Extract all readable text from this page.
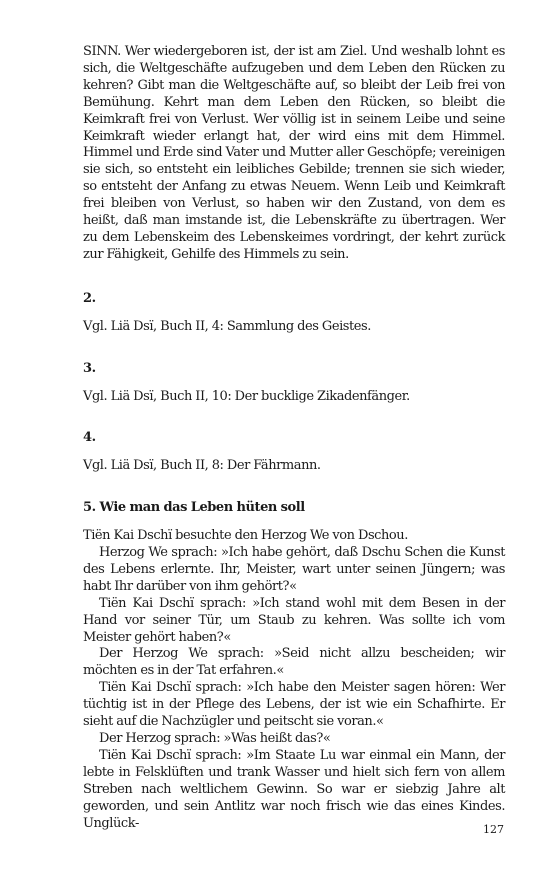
SINN. Wer wiedergeboren ist, der ist am Ziel. Und weshalb lohnt es sich, die Weltgeschäfte aufzugeben und dem Leben den Rücken zu kehren? Gibt man die Weltgeschäfte auf, so bleibt der Leib frei von Bemühung. Kehrt man dem Leben den Rücken, so bleibt die Keimkraft frei von Verlust. Wer völlig ist in seinem Leibe und seine Keimkraft wieder erlangt hat, der wird eins mit dem Himmel. Himmel und Erde sind Vater und Mutter aller Geschöpfe; vereinigen sie sich, so entsteht ein leibliches Gebilde; trennen sie sich wieder, so entsteht der Anfang zu etwas Neuem. Wenn Leib und Keimkraft frei bleiben von Verlust, so haben wir den Zustand, von dem es heißt, daß man imstande ist, die Lebenskräfte zu übertragen. Wer zu dem Lebenskeim des Lebenskeimes vordringt, der kehrt zurück zur Fähigkeit, Gehilfe des Himmels zu sein.

2.

Vgl. Liä Dsï, Buch II, 4: Sammlung des Geistes.

3.

Vgl. Liä Dsï, Buch II, 10: Der bucklige Zikadenfänger.

4.

Vgl. Liä Dsï, Buch II, 8: Der Fährmann.

5. Wie man das Leben hüten soll

Tiën Kai Dschï besuchte den Herzog We von Dschou.

Herzog We sprach: »Ich habe gehört, daß Dschu Schen die Kunst des Lebens erlernte. Ihr, Meister, wart unter seinen Jüngern; was habt Ihr darüber von ihm gehört?«

Tiën Kai Dschï sprach: »Ich stand wohl mit dem Besen in der Hand vor seiner Tür, um Staub zu kehren. Was sollte ich vom Meister gehört haben?«

Der Herzog We sprach: »Seid nicht allzu bescheiden; wir möchten es in der Tat erfahren.«

Tiën Kai Dschï sprach: »Ich habe den Meister sagen hören: Wer tüchtig ist in der Pflege des Lebens, der ist wie ein Schafhirte. Er sieht auf die Nachzügler und peitscht sie voran.«

Der Herzog sprach: »Was heißt das?«

Tiën Kai Dschï sprach: »Im Staate Lu war einmal ein Mann, der lebte in Felsklüften und trank Wasser und hielt sich fern von allem Streben nach weltlichem Gewinn. So war er siebzig Jahre alt geworden, und sein Antlitz war noch frisch wie das eines Kindes. Unglück-	127
